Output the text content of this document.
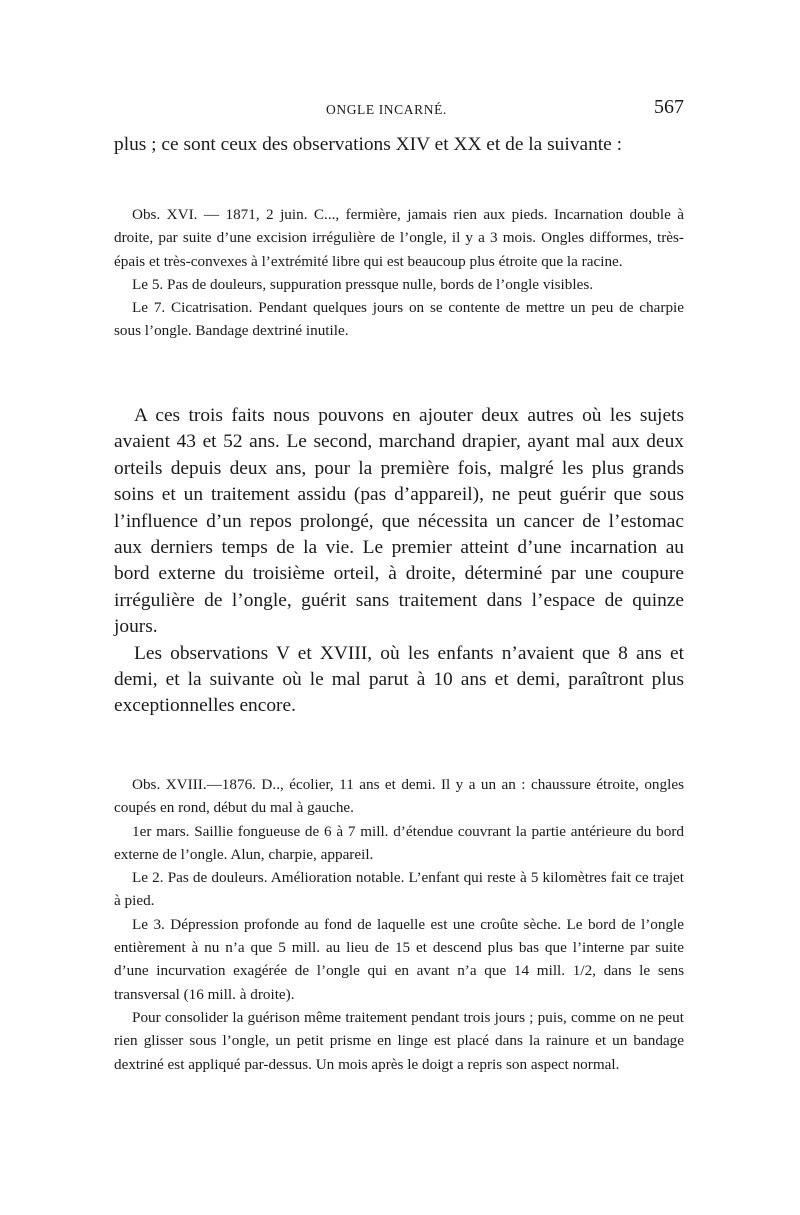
ONGLE INCARNÉ.	567

plus ; ce sont ceux des observations XIV et XX et de la suivante :

Obs. XVI. — 1871, 2 juin. C..., fermière, jamais rien aux pieds. Incarnation double à droite, par suite d’une excision irrégulière de l’ongle, il y a 3 mois. Ongles difformes, très-épais et très-convexes à l’extrémité libre qui est beaucoup plus étroite que la racine.

Le 5. Pas de douleurs, suppuration pressque nulle, bords de l’ongle visibles.

Le 7. Cicatrisation. Pendant quelques jours on se contente de mettre un peu de charpie sous l’ongle. Bandage dextriné inutile.

A ces trois faits nous pouvons en ajouter deux autres où les sujets avaient 43 et 52 ans. Le second, marchand drapier, ayant mal aux deux orteils depuis deux ans, pour la première fois, malgré les plus grands soins et un traitement assidu (pas d’appareil), ne peut guérir que sous l’influence d’un repos prolongé, que nécessita un cancer de l’estomac aux derniers temps de la vie. Le premier atteint d’une incarnation au bord externe du troisième orteil, à droite, déterminé par une coupure irrégulière de l’ongle, guérit sans traitement dans l’espace de quinze jours.

Les observations V et XVIII, où les enfants n’avaient que 8 ans et demi, et la suivante où le mal parut à 10 ans et demi, paraîtront plus exceptionnelles encore.

Obs. XVIII.—1876. D.., écolier, 11 ans et demi. Il y a un an : chaussure étroite, ongles coupés en rond, début du mal à gauche.

1er mars. Saillie fongueuse de 6 à 7 mill. d’étendue couvrant la partie antérieure du bord externe de l’ongle. Alun, charpie, appareil.

Le 2. Pas de douleurs. Amélioration notable. L’enfant qui reste à 5 kilomètres fait ce trajet à pied.

Le 3. Dépression profonde au fond de laquelle est une croûte sèche. Le bord de l’ongle entièrement à nu n’a que 5 mill. au lieu de 15 et descend plus bas que l’interne par suite d’une incurvation exagérée de l’ongle qui en avant n’a que 14 mill. 1/2, dans le sens transversal (16 mill. à droite).

Pour consolider la guérison même traitement pendant trois jours ; puis, comme on ne peut rien glisser sous l’ongle, un petit prisme en linge est placé dans la rainure et un bandage dextriné est appliqué par-dessus. Un mois après le doigt a repris son aspect normal.
